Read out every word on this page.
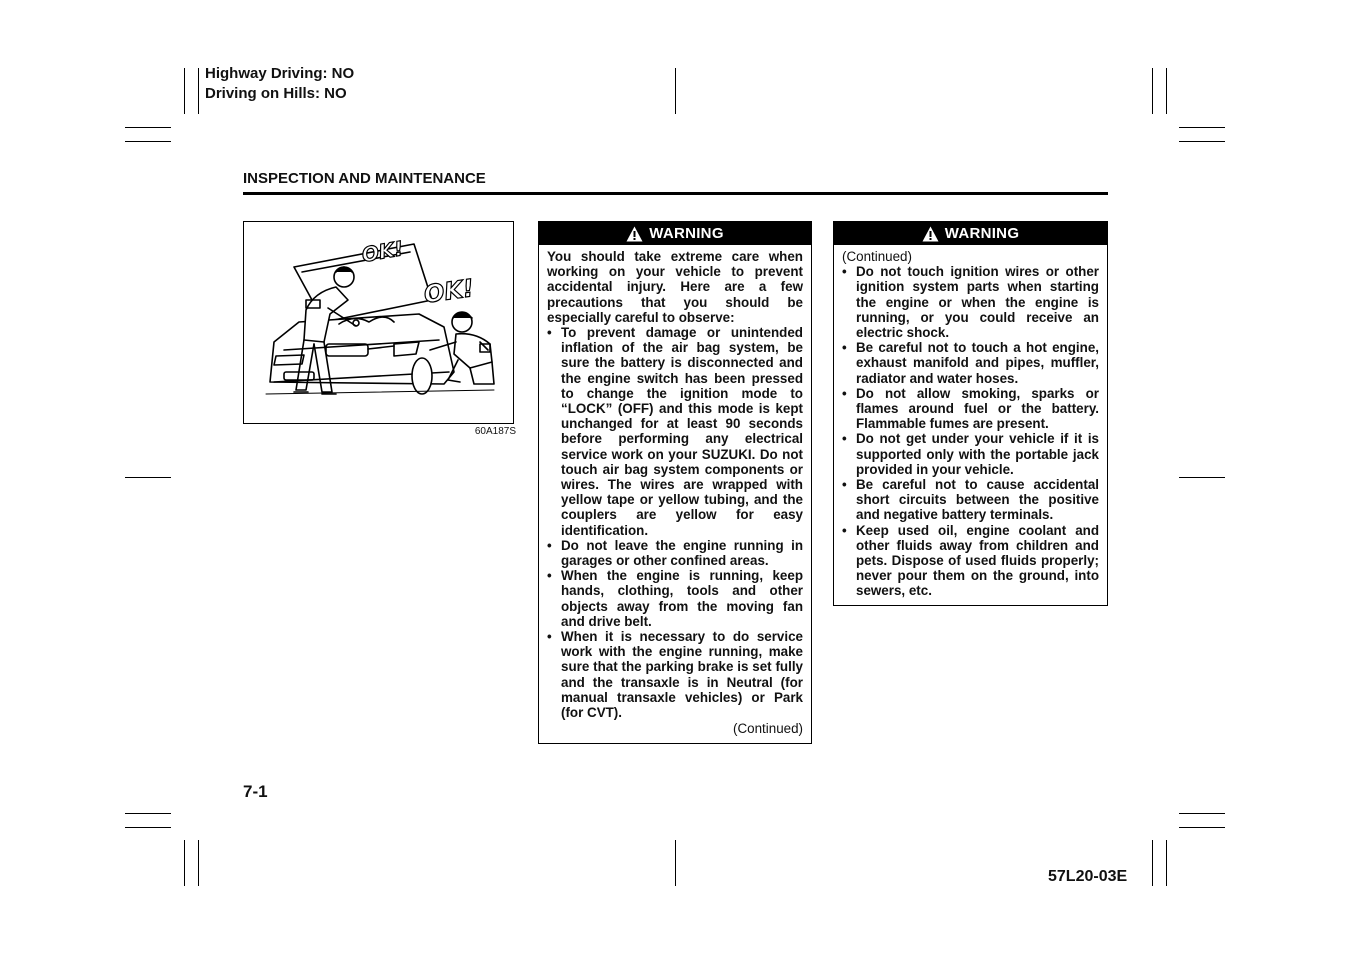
Highway Driving: NO
Driving on Hills: NO
INSPECTION AND MAINTENANCE
OK!
OK!
60A187S
WARNING

You should take extreme care when working on your vehicle to prevent accidental injury. Here are a few precautions that you should be especially careful to observe:

• To prevent damage or unintended inflation of the air bag system, be sure the battery is disconnected and the engine switch has been pressed to change the ignition mode to “LOCK” (OFF) and this mode is kept unchanged for at least 90 seconds before performing any electrical service work on your SUZUKI. Do not touch air bag system components or wires. The wires are wrapped with yellow tape or yellow tubing, and the couplers are yellow for easy identification.
• Do not leave the engine running in garages or other confined areas.
• When the engine is running, keep hands, clothing, tools and other objects away from the moving fan and drive belt.
• When it is necessary to do service work with the engine running, make sure that the parking brake is set fully and the transaxle is in Neutral (for manual transaxle vehicles) or Park (for CVT).
(Continued)
WARNING
(Continued)
• Do not touch ignition wires or other ignition system parts when starting the engine or when the engine is running, or you could receive an electric shock.
• Be careful not to touch a hot engine, exhaust manifold and pipes, muffler, radiator and water hoses.
• Do not allow smoking, sparks or flames around fuel or the battery. Flammable fumes are present.
• Do not get under your vehicle if it is supported only with the portable jack provided in your vehicle.
• Be careful not to cause accidental short circuits between the positive and negative battery terminals.
• Keep used oil, engine coolant and other fluids away from children and pets. Dispose of used fluids properly; never pour them on the ground, into sewers, etc.
7-1
57L20-03E
